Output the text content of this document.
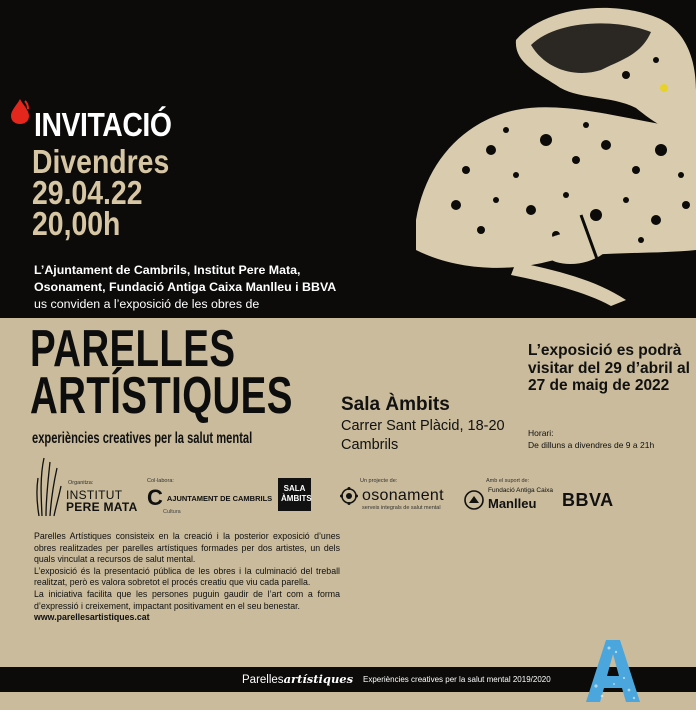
INVITACIÓ
Divendres
29.04.22
20,00h
L’Ajuntament de Cambrils, Institut Pere Mata, Osonament, Fundació Antiga Caixa Manlleu i BBVA us conviden a l’exposició de les obres de
PARELLES
ARTÍSTIQUES
experiències creatives per la salut mental
Sala Àmbits
Carrer Sant Plàcid, 18-20
Cambrils
L’exposició es podrà visitar del 29 d’abril al 27 de maig de 2022
Horari:
De dilluns a divendres de 9 a 21h
Organitza:
INSTITUT
PERE MATA
Col·labora:
C AJUNTAMENT DE CAMBRILS
Cultura
SALA
ÀMBITS
Un projecte de:
osonament
serveis integrals de salut mental
Amb el suport de:
Fundació Antiga Caixa
Manlleu	BBVA

Parelles Artístiques consisteix en la creació i la posterior exposició d’unes obres realitzades per parelles artístiques formades per dos artistes, un dels quals vinculat a recursos de salut mental.

L’exposició és la presentació pública de les obres i la culminació del treball realitzat, però es valora sobretot el procés creatiu que viu cada parella.

La iniciativa facilita que les persones puguin gaudir de l’art com a forma d’expressió i creixement, impactant positivament en el seu benestar.

www.parellesartistiques.cat

Parellesartístiques Experiències creatives per la salut mental 2019/2020
A
